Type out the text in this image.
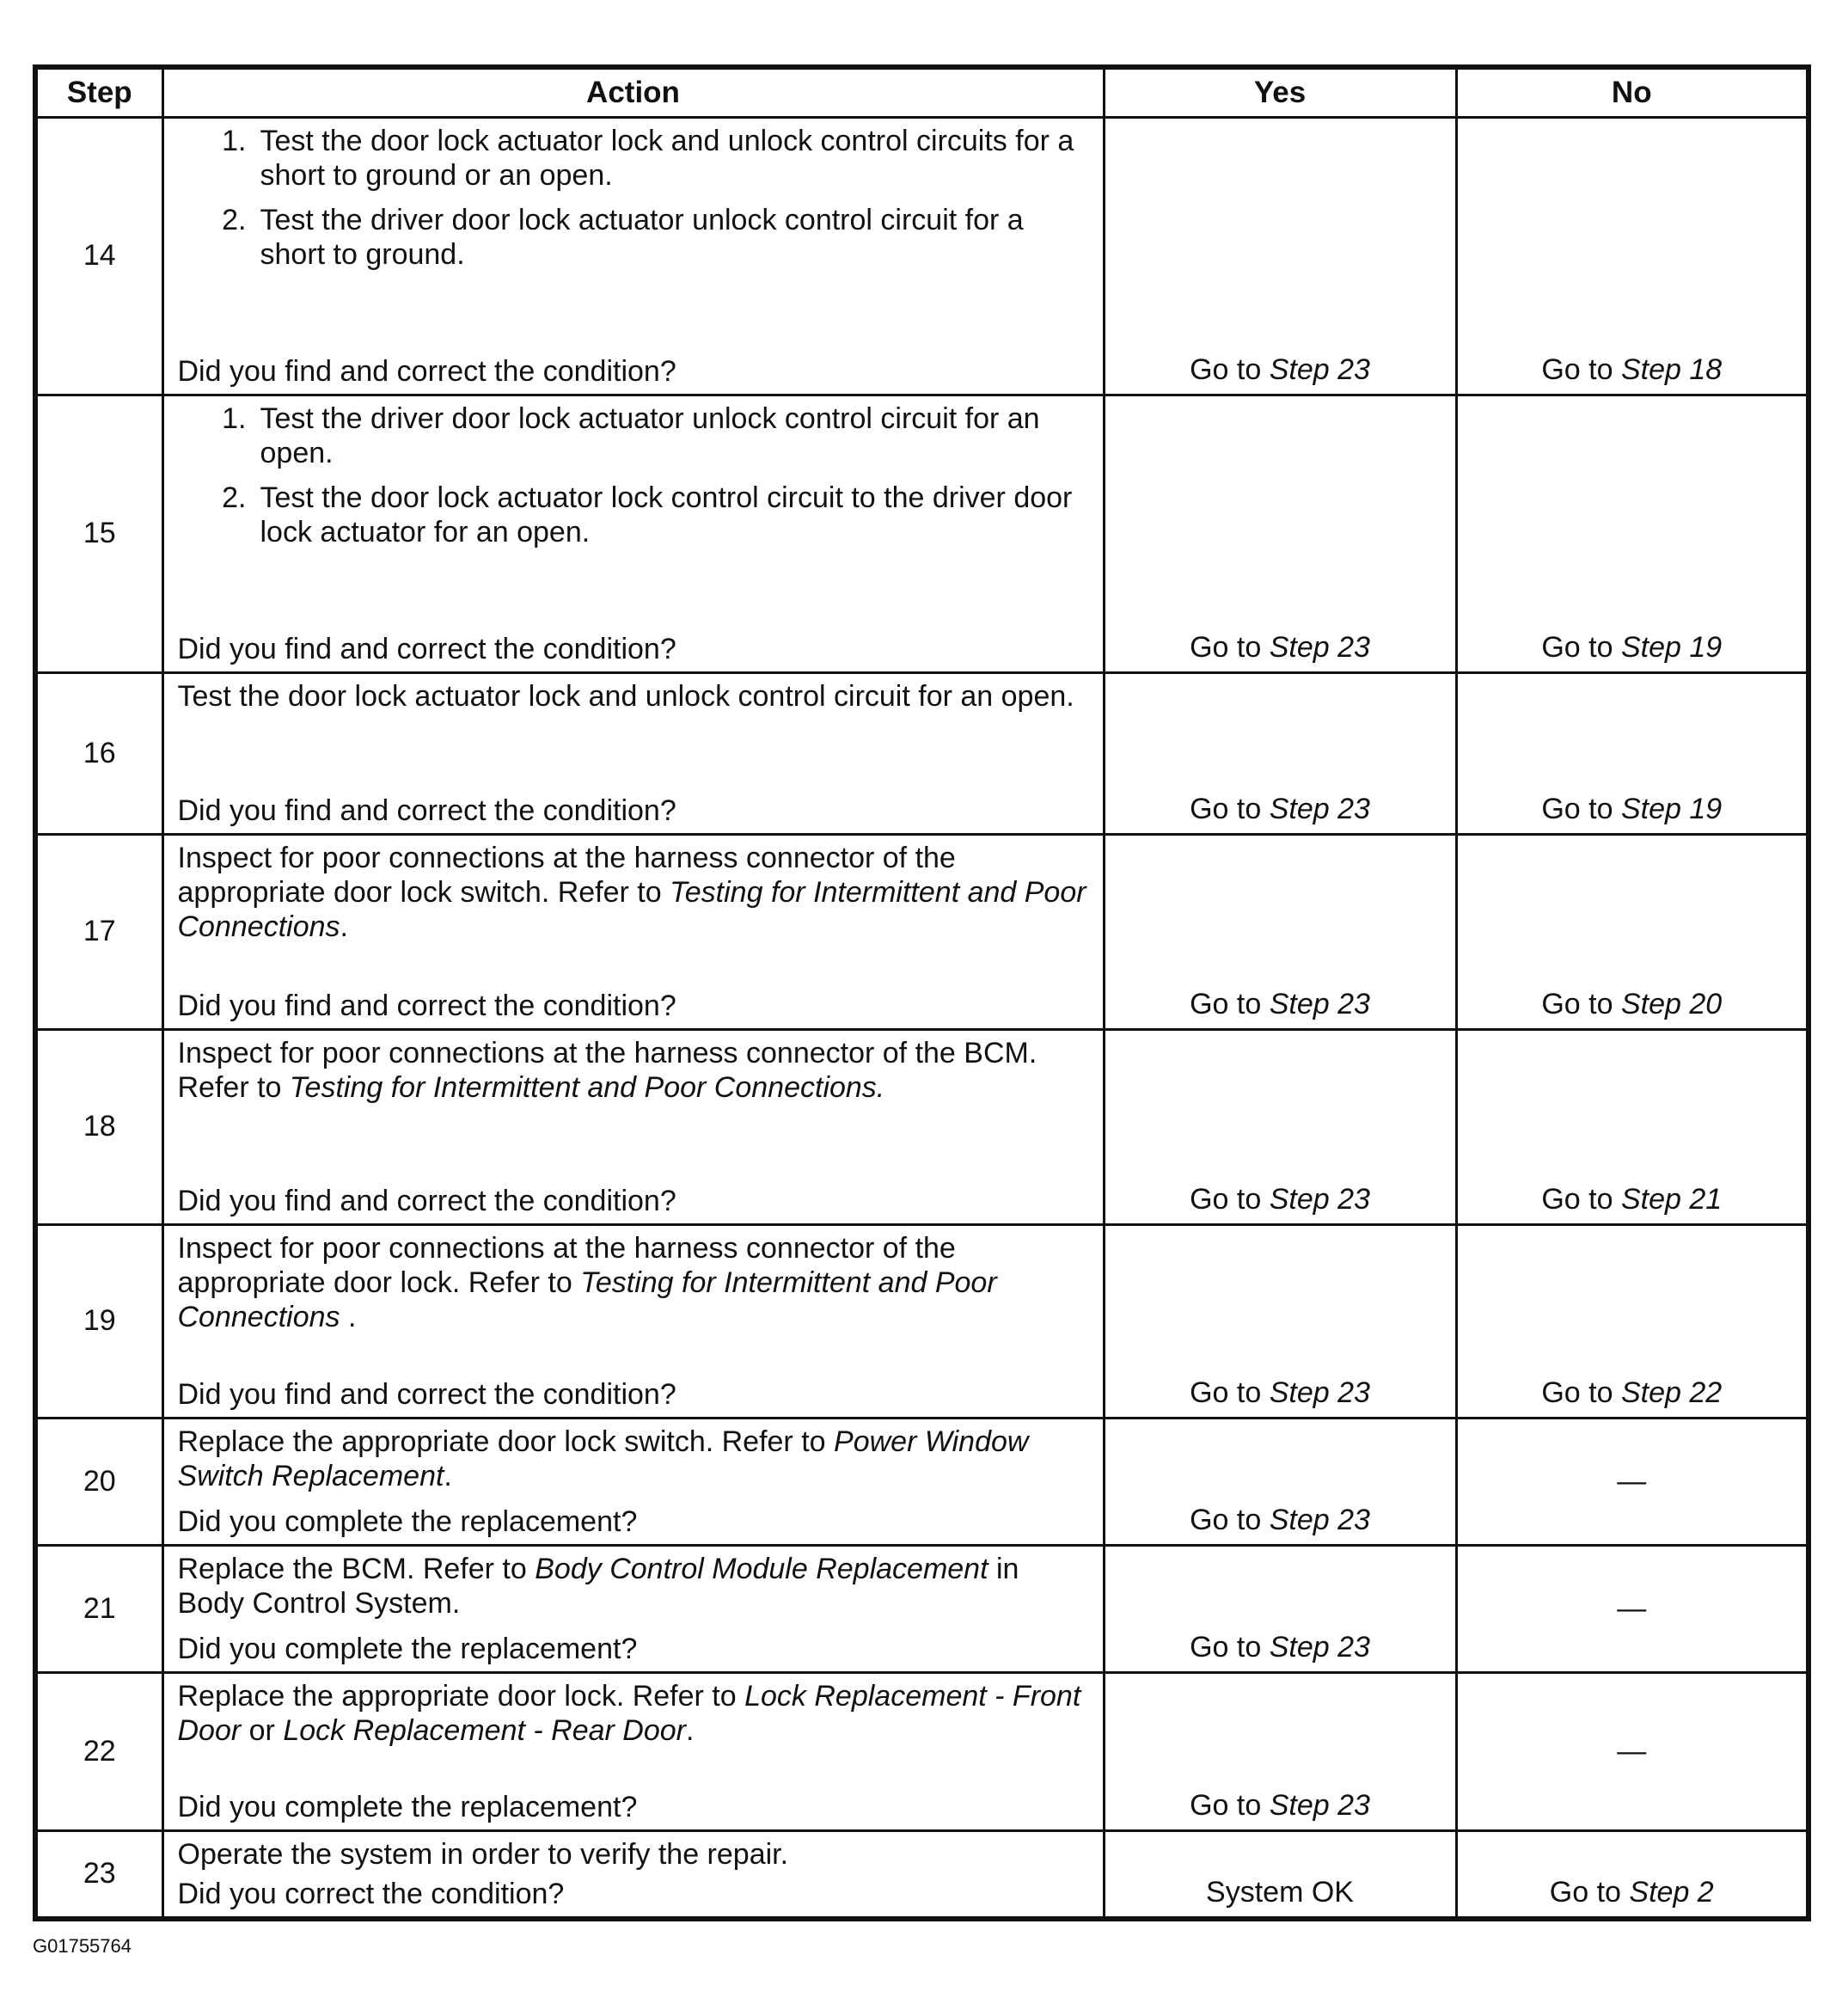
Step	Action	Yes	No
14	1. Test the door lock actuator lock and unlock control circuits for a short to ground or an open.
2. Test the driver door lock actuator unlock control circuit for a short to ground.
Did you find and correct the condition?	Go to Step 23	Go to Step 18
15	1. Test the driver door lock actuator unlock control circuit for an open.
2. Test the door lock actuator lock control circuit to the driver door lock actuator for an open.
Did you find and correct the condition?	Go to Step 23	Go to Step 19
16	Test the door lock actuator lock and unlock control circuit for an open.
Did you find and correct the condition?	Go to Step 23	Go to Step 19
17	Inspect for poor connections at the harness connector of the appropriate door lock switch. Refer to Testing for Intermittent and Poor Connections.
Did you find and correct the condition?	Go to Step 23	Go to Step 20
18	Inspect for poor connections at the harness connector of the BCM. Refer to Testing for Intermittent and Poor Connections.
Did you find and correct the condition?	Go to Step 23	Go to Step 21
19	Inspect for poor connections at the harness connector of the appropriate door lock. Refer to Testing for Intermittent and Poor Connections .
Did you find and correct the condition?	Go to Step 23	Go to Step 22
20	Replace the appropriate door lock switch. Refer to Power Window Switch Replacement.
Did you complete the replacement?	Go to Step 23	—
21	Replace the BCM. Refer to Body Control Module Replacement in Body Control System.
Did you complete the replacement?	Go to Step 23	—
22	Replace the appropriate door lock. Refer to Lock Replacement - Front Door or Lock Replacement - Rear Door.
Did you complete the replacement?	Go to Step 23	—
23	Operate the system in order to verify the repair.
Did you correct the condition?	System OK	Go to Step 2
G01755764
